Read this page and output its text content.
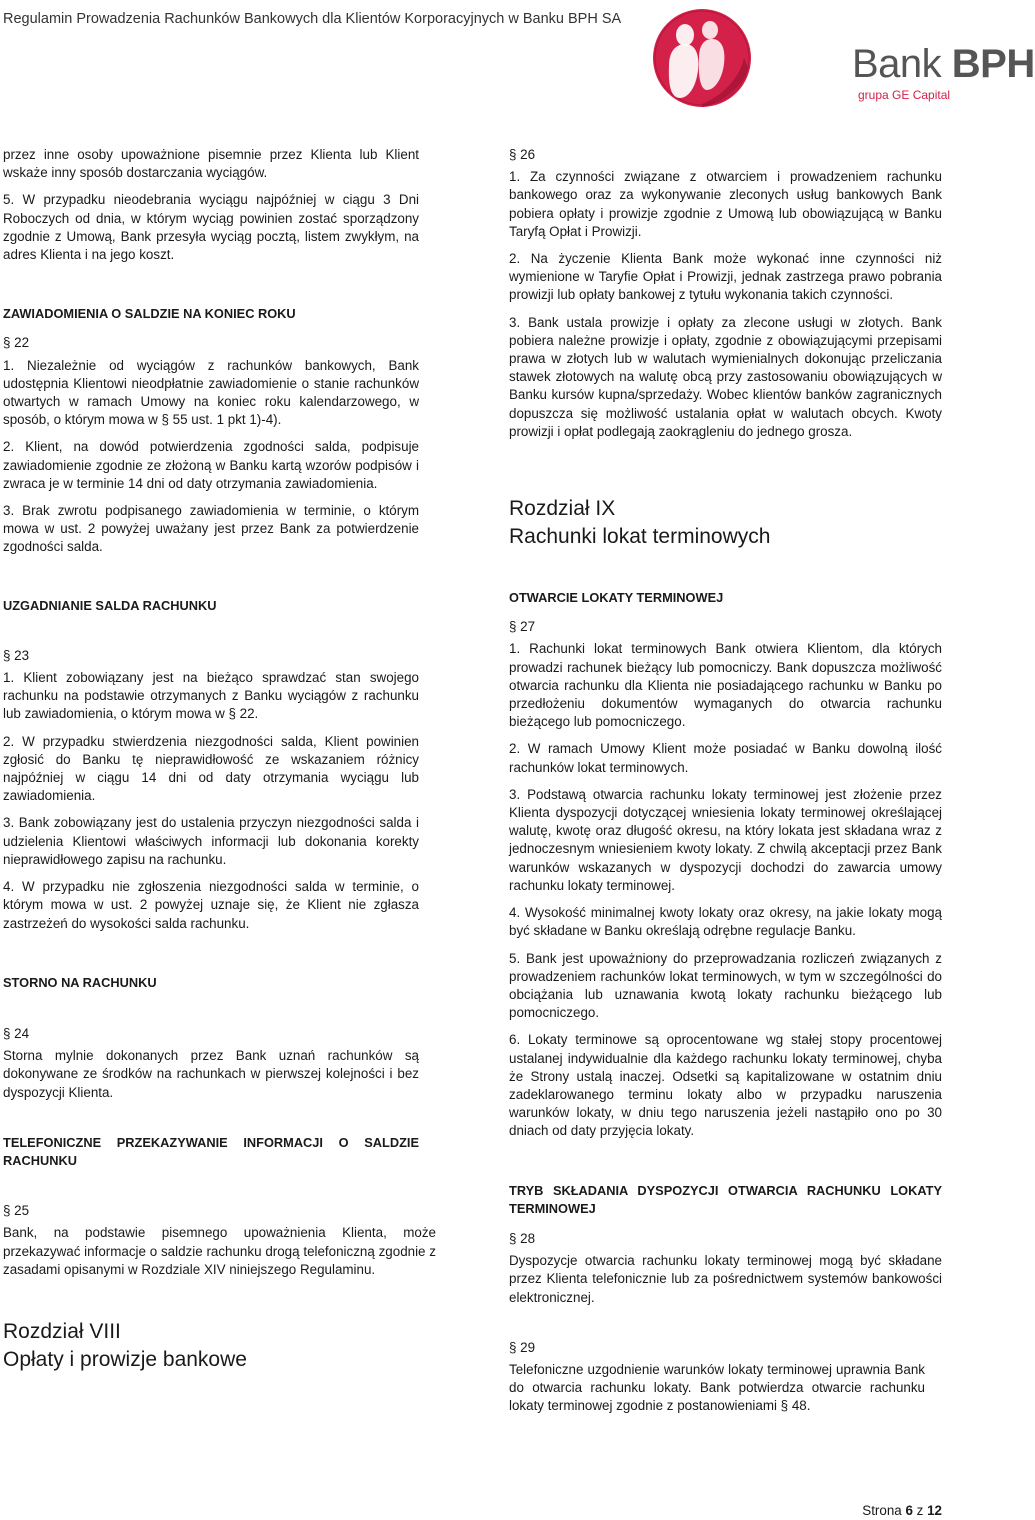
Regulamin Prowadzenia Rachunków Bankowych dla Klientów Korporacyjnych w Banku BPH SA
Bank BPH
grupa GE Capital

przez inne osoby upoważnione pisemnie przez Klienta lub Klient wskaże inny sposób dostarczania wyciągów.

5. W przypadku nieodebrania wyciągu najpóźniej w ciągu 3 Dni Roboczych od dnia, w którym wyciąg powinien zostać sporządzony zgodnie z Umową, Bank przesyła wyciąg pocztą, listem zwykłym, na adres Klienta i na jego koszt.

ZAWIADOMIENIA O SALDZIE NA KONIEC ROKU

§ 22

1. Niezależnie od wyciągów z rachunków bankowych, Bank udostępnia Klientowi nieodpłatnie zawiadomienie o stanie rachunków otwartych w ramach Umowy na koniec roku kalendarzowego, w sposób, o którym mowa w § 55 ust. 1 pkt 1)-4).

2. Klient, na dowód potwierdzenia zgodności salda, podpisuje zawiadomienie zgodnie ze złożoną w Banku kartą wzorów podpisów i zwraca je w terminie 14 dni od daty otrzymania zawiadomienia.

3. Brak zwrotu podpisanego zawiadomienia w terminie, o którym mowa w ust. 2 powyżej uważany jest przez Bank za potwierdzenie zgodności salda.

UZGADNIANIE SALDA RACHUNKU

§ 23

1. Klient zobowiązany jest na bieżąco sprawdzać stan swojego rachunku na podstawie otrzymanych z Banku wyciągów z rachunku lub zawiadomienia, o którym mowa w § 22.

2. W przypadku stwierdzenia niezgodności salda, Klient powinien zgłosić do Banku tę nieprawidłowość ze wskazaniem różnicy najpóźniej w ciągu 14 dni od daty otrzymania wyciągu lub zawiadomienia.

3. Bank zobowiązany jest do ustalenia przyczyn niezgodności salda i udzielenia Klientowi właściwych informacji lub dokonania korekty nieprawidłowego zapisu na rachunku.

4. W przypadku nie zgłoszenia niezgodności salda w terminie, o którym mowa w ust. 2 powyżej uznaje się, że Klient nie zgłasza zastrzeżeń do wysokości salda rachunku.

STORNO NA RACHUNKU

§ 24

Storna mylnie dokonanych przez Bank uznań rachunków są dokonywane ze środków na rachunkach w pierwszej kolejności i bez dyspozycji Klienta.

TELEFONICZNE PRZEKAZYWANIE INFORMACJI O SALDZIE RACHUNKU

§ 25

Bank, na podstawie pisemnego upoważnienia Klienta, może przekazywać informacje o saldzie rachunku drogą telefoniczną zgodnie z zasadami opisanymi w Rozdziale XIV niniejszego Regulaminu.

Rozdział VIII

Opłaty i prowizje bankowe

§ 26

1. Za czynności związane z otwarciem i prowadzeniem rachunku bankowego oraz za wykonywanie zleconych usług bankowych Bank pobiera opłaty i prowizje zgodnie z Umową lub obowiązującą w Banku Taryfą Opłat i Prowizji.

2. Na życzenie Klienta Bank może wykonać inne czynności niż wymienione w Taryfie Opłat i Prowizji, jednak zastrzega prawo pobrania prowizji lub opłaty bankowej z tytułu wykonania takich czynności.

3. Bank ustala prowizje i opłaty za zlecone usługi w złotych. Bank pobiera należne prowizje i opłaty, zgodnie z obowiązującymi przepisami prawa w złotych lub w walutach wymienialnych dokonując przeliczania stawek złotowych na walutę obcą przy zastosowaniu obowiązujących w Banku kursów kupna/sprzedaży. Wobec klientów banków zagranicznych dopuszcza się możliwość ustalania opłat w walutach obcych. Kwoty prowizji i opłat podlegają zaokrągleniu do jednego grosza.

Rozdział IX

Rachunki lokat terminowych

OTWARCIE LOKATY TERMINOWEJ

§ 27

1. Rachunki lokat terminowych Bank otwiera Klientom, dla których prowadzi rachunek bieżący lub pomocniczy. Bank dopuszcza możliwość otwarcia rachunku dla Klienta nie posiadającego rachunku w Banku po przedłożeniu dokumentów wymaganych do otwarcia rachunku bieżącego lub pomocniczego.

2. W ramach Umowy Klient może posiadać w Banku dowolną ilość rachunków lokat terminowych.

3. Podstawą otwarcia rachunku lokaty terminowej jest złożenie przez Klienta dyspozycji dotyczącej wniesienia lokaty terminowej określającej walutę, kwotę oraz długość okresu, na który lokata jest składana wraz z jednoczesnym wniesieniem kwoty lokaty. Z chwilą akceptacji przez Bank warunków wskazanych w dyspozycji dochodzi do zawarcia umowy rachunku lokaty terminowej.

4. Wysokość minimalnej kwoty lokaty oraz okresy, na jakie lokaty mogą być składane w Banku określają odrębne regulacje Banku.

5. Bank jest upoważniony do przeprowadzania rozliczeń związanych z prowadzeniem rachunków lokat terminowych, w tym w szczególności do obciążania lub uznawania kwotą lokaty rachunku bieżącego lub pomocniczego.

6. Lokaty terminowe są oprocentowane wg stałej stopy procentowej ustalanej indywidualnie dla każdego rachunku lokaty terminowej, chyba że Strony ustalą inaczej. Odsetki są kapitalizowane w ostatnim dniu zadeklarowanego terminu lokaty albo w przypadku naruszenia warunków lokaty, w dniu tego naruszenia jeżeli nastąpiło ono po 30 dniach od daty przyjęcia lokaty.

TRYB SKŁADANIA DYSPOZYCJI OTWARCIA RACHUNKU LOKATY TERMINOWEJ

§ 28

Dyspozycje otwarcia rachunku lokaty terminowej mogą być składane przez Klienta telefonicznie lub za pośrednictwem systemów bankowości elektronicznej.

§ 29

Telefoniczne uzgodnienie warunków lokaty terminowej uprawnia Bank do otwarcia rachunku lokaty. Bank potwierdza otwarcie rachunku lokaty terminowej zgodnie z postanowieniami § 48.

Strona 6 z 12
